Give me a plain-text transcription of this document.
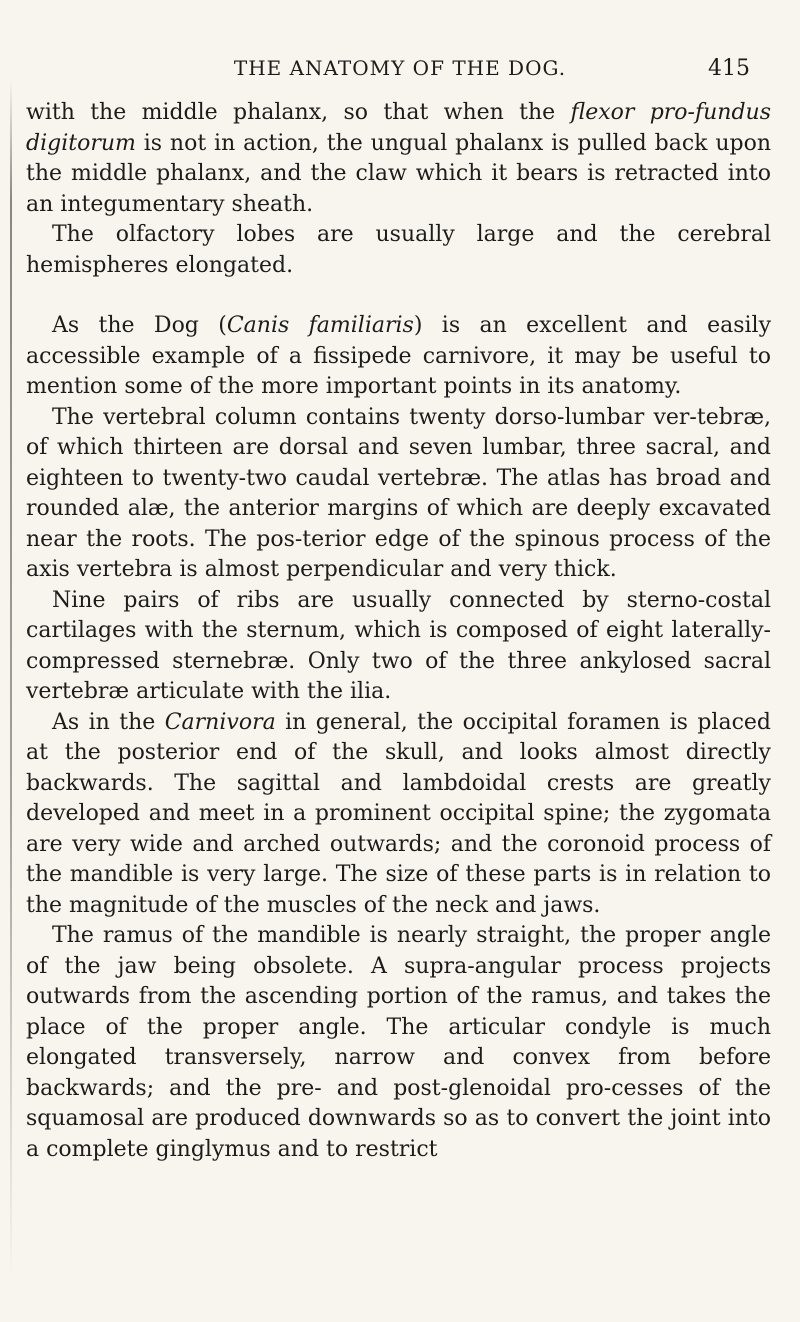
THE ANATOMY OF THE DOG.	415

with the middle phalanx, so that when the flexor pro-fundus digitorum is not in action, the ungual phalanx is pulled back upon the middle phalanx, and the claw which it bears is retracted into an integumentary sheath.

The olfactory lobes are usually large and the cerebral hemispheres elongated.

As the Dog (Canis familiaris) is an excellent and easily accessible example of a fissipede carnivore, it may be useful to mention some of the more important points in its anatomy.

The vertebral column contains twenty dorso-lumbar ver-tebræ, of which thirteen are dorsal and seven lumbar, three sacral, and eighteen to twenty-two caudal vertebræ. The atlas has broad and rounded alæ, the anterior margins of which are deeply excavated near the roots. The pos-terior edge of the spinous process of the axis vertebra is almost perpendicular and very thick.

Nine pairs of ribs are usually connected by sterno-costal cartilages with the sternum, which is composed of eight laterally-compressed sternebræ. Only two of the three ankylosed sacral vertebræ articulate with the ilia.

As in the Carnivora in general, the occipital foramen is placed at the posterior end of the skull, and looks almost directly backwards. The sagittal and lambdoidal crests are greatly developed and meet in a prominent occipital spine; the zygomata are very wide and arched outwards; and the coronoid process of the mandible is very large. The size of these parts is in relation to the magnitude of the muscles of the neck and jaws.

The ramus of the mandible is nearly straight, the proper angle of the jaw being obsolete. A supra-angular process projects outwards from the ascending portion of the ramus, and takes the place of the proper angle. The articular condyle is much elongated transversely, narrow and convex from before backwards; and the pre- and post-glenoidal pro-cesses of the squamosal are produced downwards so as to convert the joint into a complete ginglymus and to restrict
